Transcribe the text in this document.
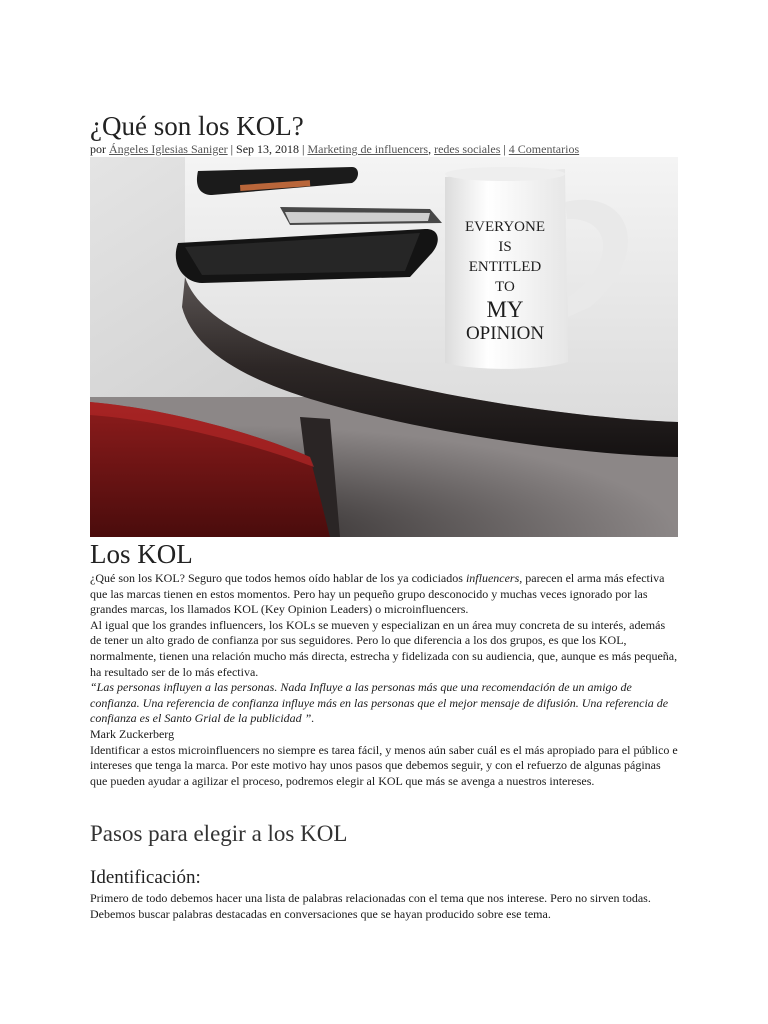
¿Qué son los KOL?
por Ángeles Iglesias Saniger | Sep 13, 2018 | Marketing de influencers, redes sociales | 4 Comentarios
EVERYONE
IS
ENTITLED
TO
MY
OPINION
Los KOL

¿Qué son los KOL? Seguro que todos hemos oído hablar de los ya codiciados influencers, parecen el arma más efectiva que las marcas tienen en estos momentos. Pero hay un pequeño grupo desconocido y muchas veces ignorado por las grandes marcas, los llamados KOL (Key Opinion Leaders) o microinfluencers.

Al igual que los grandes influencers, los KOLs se mueven y especializan en un área muy concreta de su interés, además de tener un alto grado de confianza por sus seguidores. Pero lo que diferencia a los dos grupos, es que los KOL, normalmente, tienen una relación mucho más directa, estrecha y fidelizada con su audiencia, que, aunque es más pequeña, ha resultado ser de lo más efectiva.

“Las personas influyen a las personas. Nada Influye a las personas más que una recomendación de un amigo de confianza. Una referencia de confianza influye más en las personas que el mejor mensaje de difusión. Una referencia de confianza es el Santo Grial de la publicidad ”.

Mark Zuckerberg

Identificar a estos microinfluencers no siempre es tarea fácil, y menos aún saber cuál es el más apropiado para el público e intereses que tenga la marca. Por este motivo hay unos pasos que debemos seguir, y con el refuerzo de algunas páginas que pueden ayudar a agilizar el proceso, podremos elegir al KOL que más se avenga a nuestros intereses.

Pasos para elegir a los KOL
Identificación:

Primero de todo debemos hacer una lista de palabras relacionadas con el tema que nos interese. Pero no sirven todas. Debemos buscar palabras destacadas en conversaciones que se hayan producido sobre ese tema.
